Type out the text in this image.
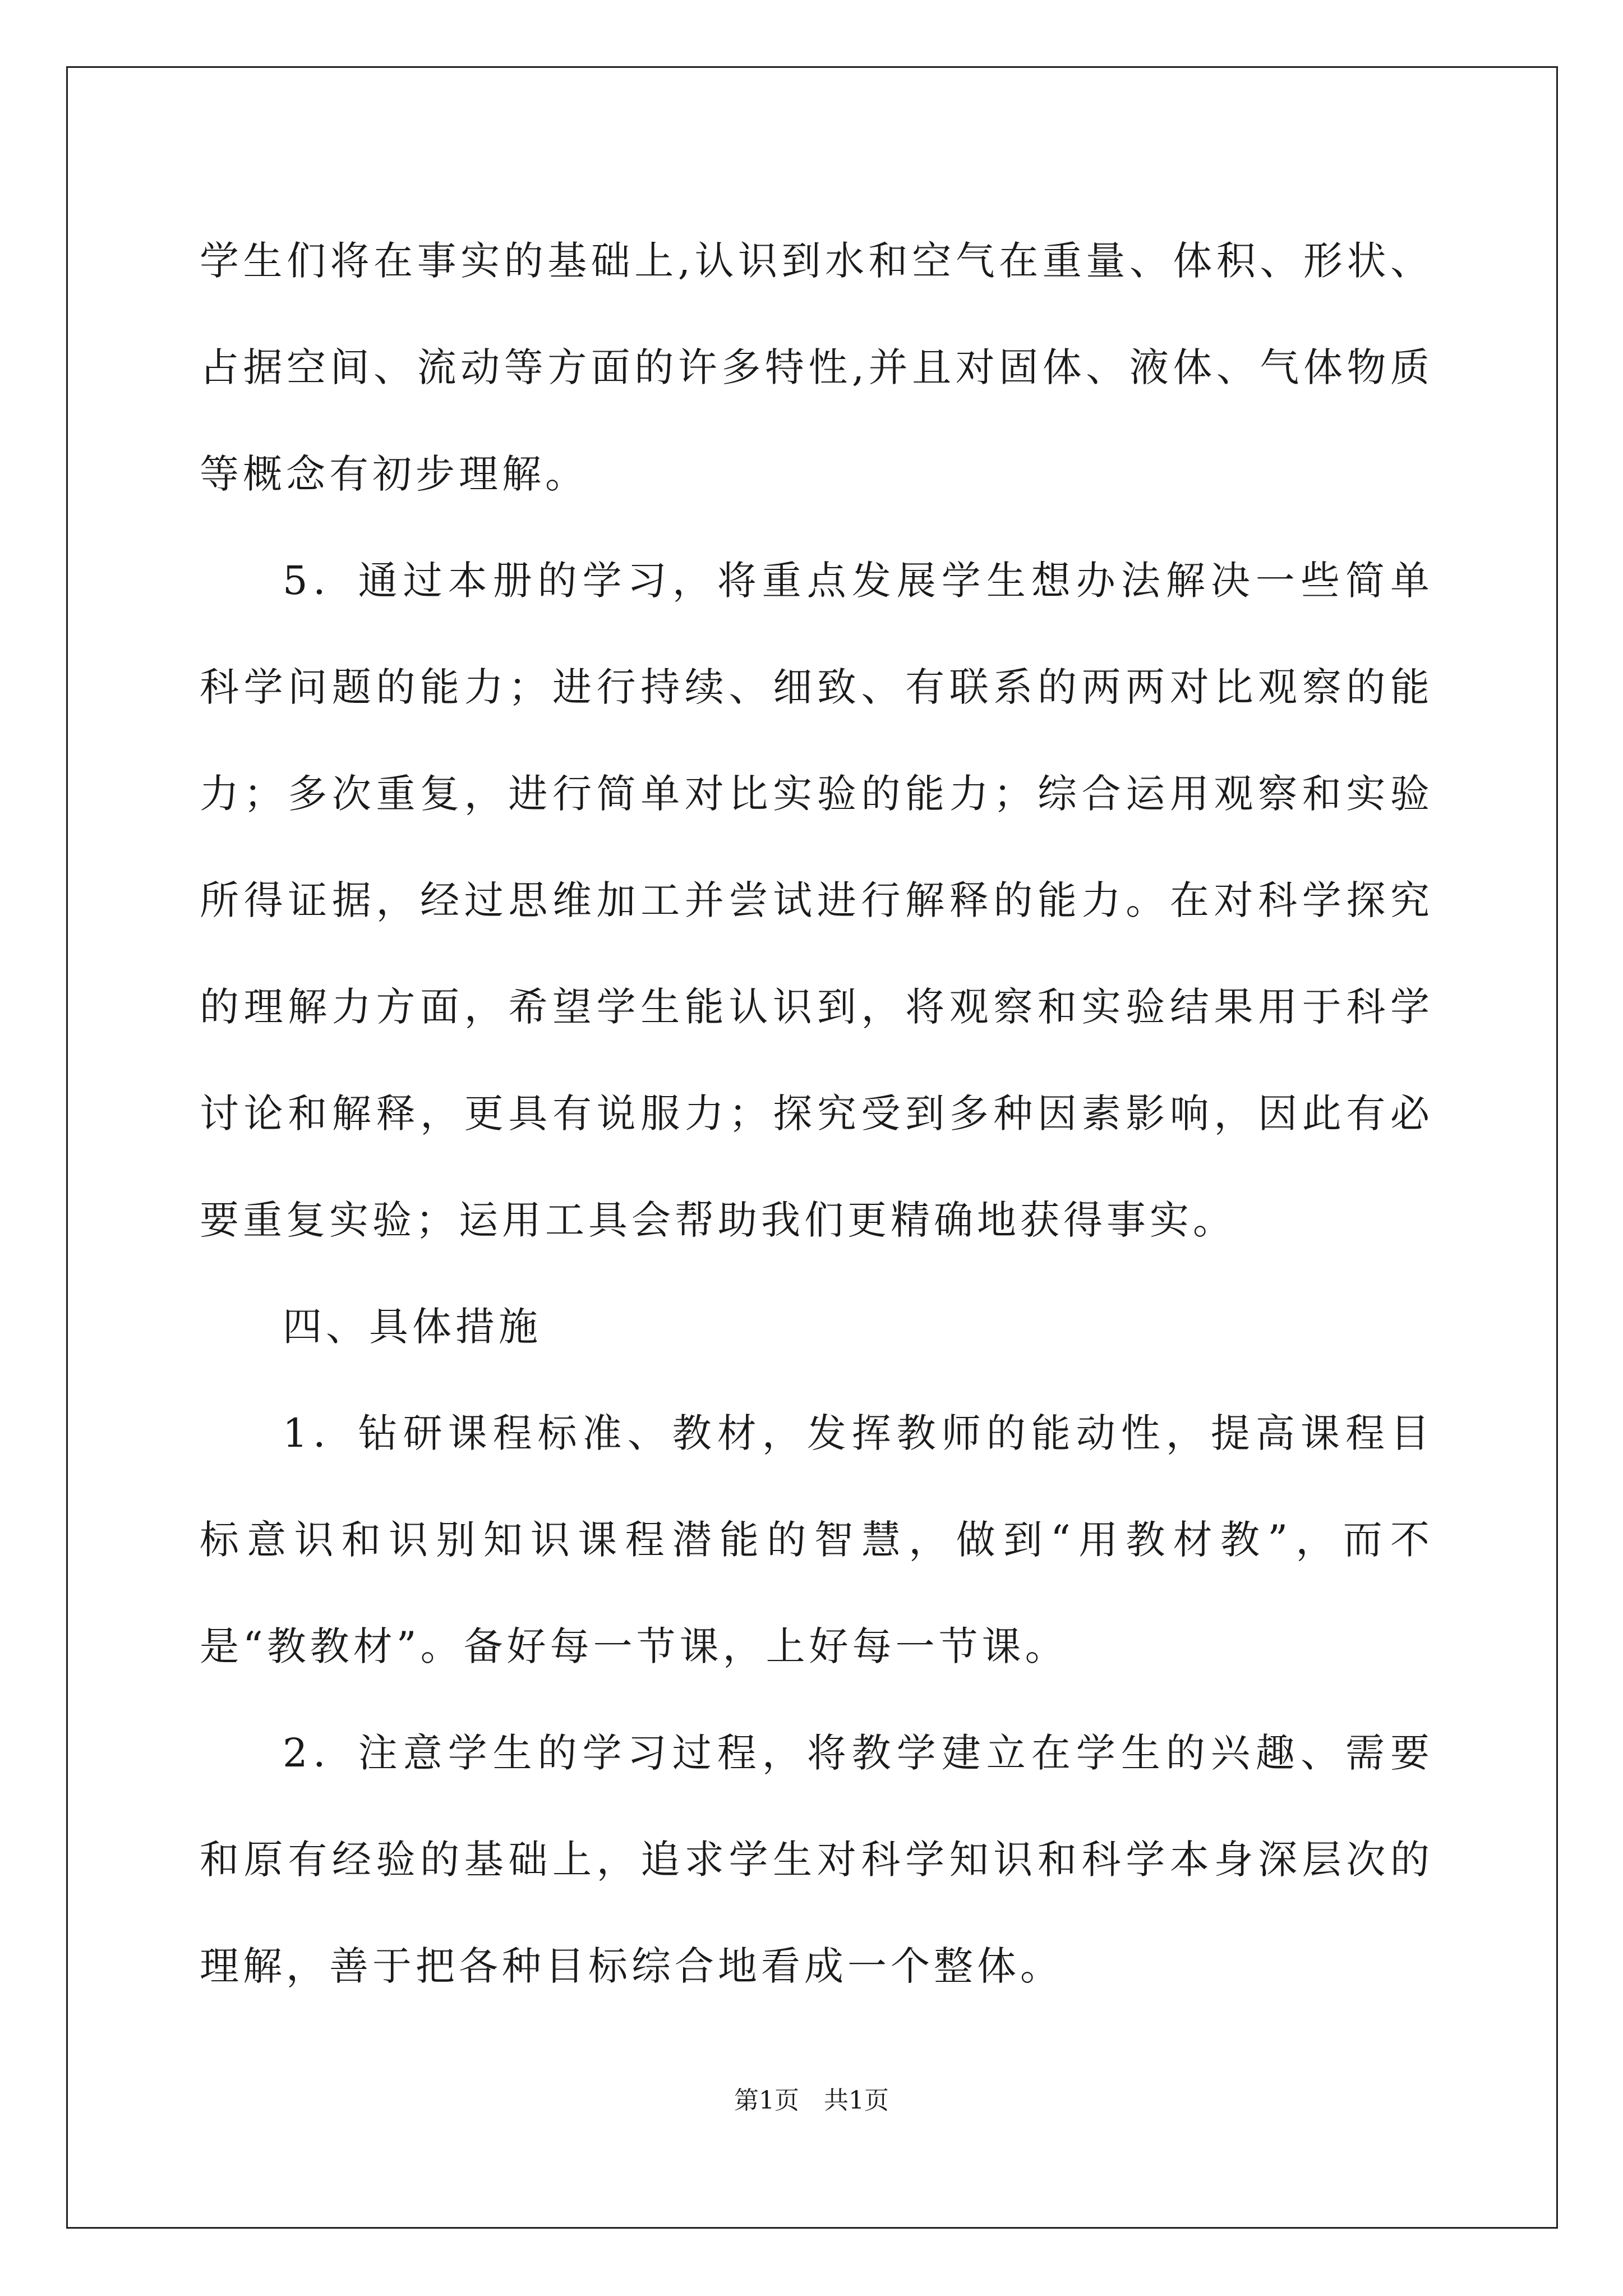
学生们将在事实的基础上,认识到水和空气在重量、体积、形状、占据空间、流动等方面的许多特性,并且对固体、液体、气体物质等概念有初步理解。

5．通过本册的学习，将重点发展学生想办法解决一些简单科学问题的能力；进行持续、细致、有联系的两两对比观察的能力；多次重复，进行简单对比实验的能力；综合运用观察和实验所得证据，经过思维加工并尝试进行解释的能力。在对科学探究的理解力方面，希望学生能认识到，将观察和实验结果用于科学讨论和解释，更具有说服力；探究受到多种因素影响，因此有必要重复实验；运用工具会帮助我们更精确地获得事实。

四、具体措施

1．钻研课程标准、教材，发挥教师的能动性，提高课程目标意识和识别知识课程潜能的智慧，做到“用教材教”，而不是“教教材”。备好每一节课，上好每一节课。

2．注意学生的学习过程，将教学建立在学生的兴趣、需要和原有经验的基础上，追求学生对科学知识和科学本身深层次的理解，善于把各种目标综合地看成一个整体。

第1页　共1页
